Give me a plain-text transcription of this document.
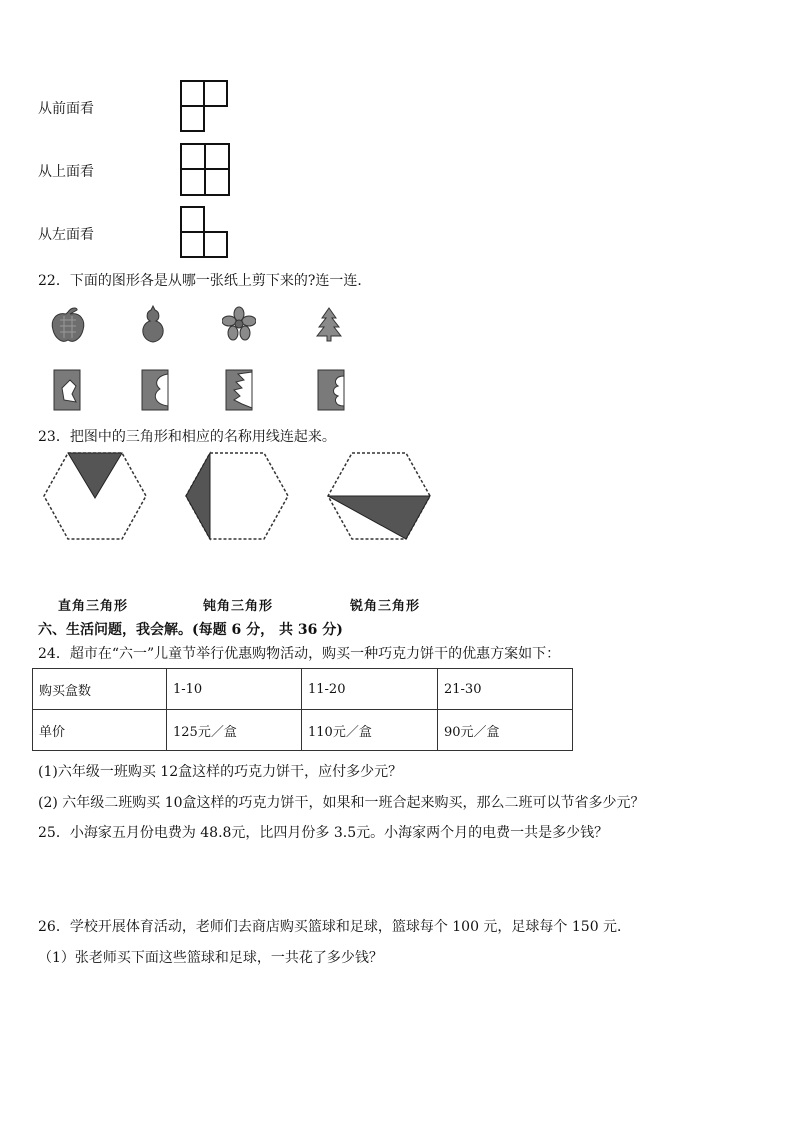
从前面看
从上面看
从左面看
22．下面的图形各是从哪一张纸上剪下来的?连一连．
23．把图中的三角形和相应的名称用线连起来。
直角三角形	钝角三角形	锐角三角形
六、生活问题，我会解。(每题 6 分， 共 36 分)
24．超市在“六一”儿童节举行优惠购物活动，购买一种巧克力饼干的优惠方案如下：
购买盒数	1-10	11-20	21-30
单价	125元／盒	110元／盒	90元／盒
(1)六年级一班购买 12盒这样的巧克力饼干，应付多少元？
(2) 六年级二班购买 10盒这样的巧克力饼干，如果和一班合起来购买，那么二班可以节省多少元？
25．小海家五月份电费为 48.8元，比四月份多 3.5元。小海家两个月的电费一共是多少钱？
26．学校开展体育活动，老师们去商店购买篮球和足球，篮球每个 100 元，足球每个 150 元．
（1）张老师买下面这些篮球和足球，一共花了多少钱？
